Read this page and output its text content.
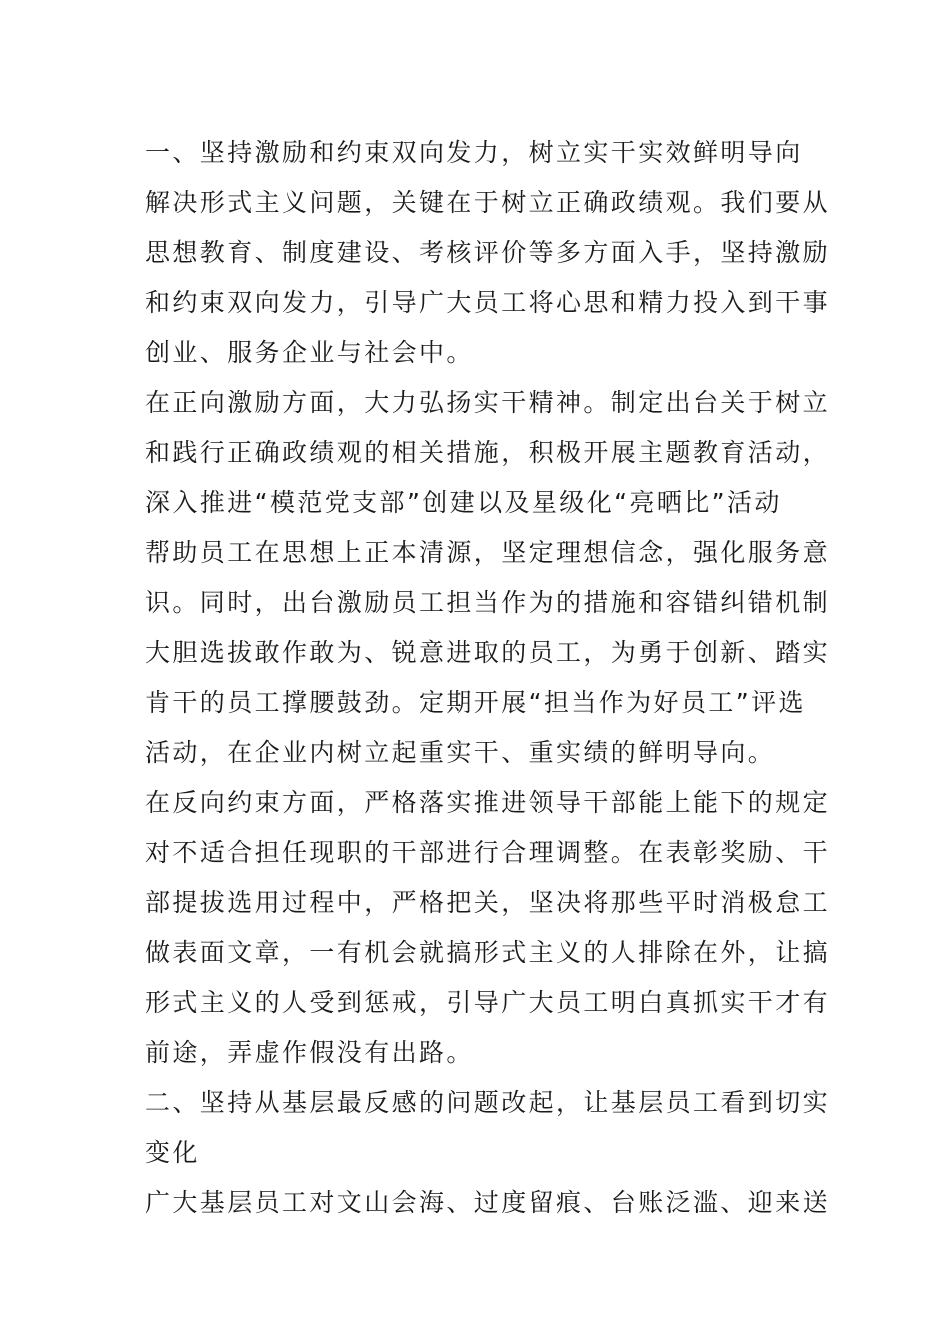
一、坚持激励和约束双向发力，树立实干实效鲜明导向
解决形式主义问题，关键在于树立正确政绩观。我们要从
思想教育、制度建设、考核评价等多方面入手，坚持激励
和约束双向发力，引导广大员工将心思和精力投入到干事
创业、服务企业与社会中。
在正向激励方面，大力弘扬实干精神。制定出台关于树立
和践行正确政绩观的相关措施，积极开展主题教育活动，
深入推进“模范党支部”创建以及星级化“亮晒比”活动
帮助员工在思想上正本清源，坚定理想信念，强化服务意
识。同时，出台激励员工担当作为的措施和容错纠错机制
大胆选拔敢作敢为、锐意进取的员工，为勇于创新、踏实
肯干的员工撑腰鼓劲。定期开展“担当作为好员工”评选
活动，在企业内树立起重实干、重实绩的鲜明导向。
在反向约束方面，严格落实推进领导干部能上能下的规定
对不适合担任现职的干部进行合理调整。在表彰奖励、干
部提拔选用过程中，严格把关，坚决将那些平时消极怠工
做表面文章，一有机会就搞形式主义的人排除在外，让搞
形式主义的人受到惩戒，引导广大员工明白真抓实干才有
前途，弄虚作假没有出路。
二、坚持从基层最反感的问题改起，让基层员工看到切实
变化
广大基层员工对文山会海、过度留痕、台账泛滥、迎来送
